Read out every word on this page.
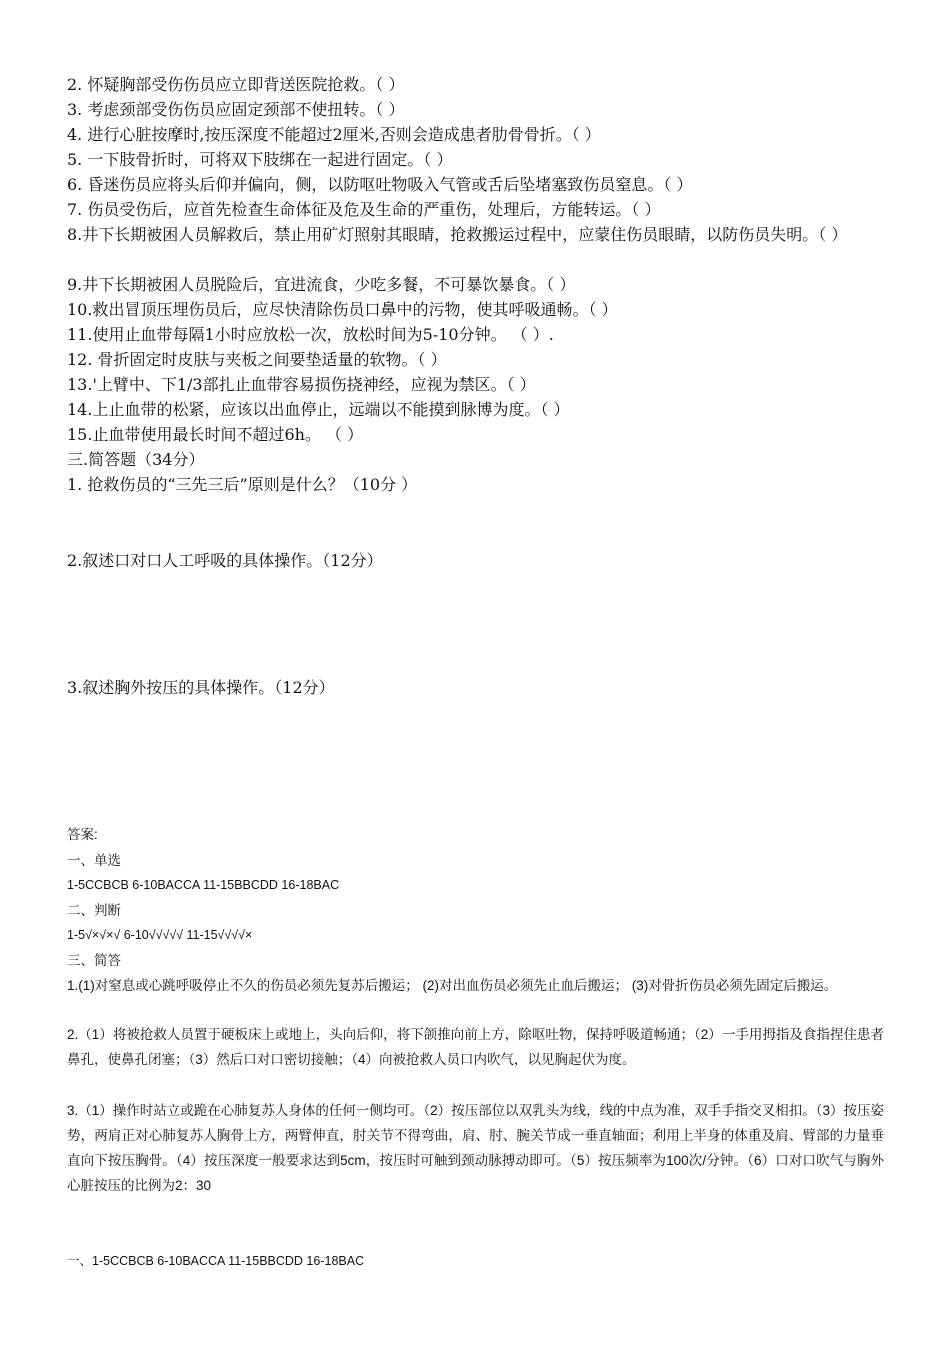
2. 怀疑胸部受伤伤员应立即背送医院抢救。（ ）
3. 考虑颈部受伤伤员应固定颈部不使扭转。（ ）
4. 进行心脏按摩时,按压深度不能超过2厘米,否则会造成患者肋骨骨折。（ ）
5. 一下肢骨折时，可将双下肢绑在一起进行固定。（ ）
6. 昏迷伤员应将头后仰并偏向，侧，以防呕吐物吸入气管或舌后坠堵塞致伤员窒息。（ ）
7. 伤员受伤后，应首先检查生命体征及危及生命的严重伤，处理后，方能转运。（ ）
8.井下长期被困人员解救后，禁止用矿灯照射其眼睛，抢救搬运过程中，应蒙住伤员眼睛，以防伤员失明。（ ）
9.井下长期被困人员脱险后，宜进流食，少吃多餐，不可暴饮暴食。（ ）
10.救出冒顶压埋伤员后，应尽快清除伤员口鼻中的污物，使其呼吸通畅。（ ）
11.使用止血带每隔1小时应放松一次，放松时间为5-10分钟。 （ ）.
12. 骨折固定时皮肤与夹板之间要垫适量的软物。（ ）
13.'上臂中、下1/3部扎止血带容易损伤挠神经，应视为禁区。（ ）
14.上止血带的松紧，应该以出血停止，远端以不能摸到脉博为度。（ ）
15.止血带使用最长时间不超过6h。 （ ）
三.简答题（34分）
1. 抢救伤员的“三先三后”原则是什么？（10分 ）
2.叙述口对口人工呼吸的具体操作。（12分）
3.叙述胸外按压的具体操作。（12分）
答案:
一、单选
1-5CCBCB 6-10BACCA 11-15BBCDD 16-18BAC
二、判断
1-5√×√×√ 6-10√√√√√ 11-15√√√√×
三、简答
1.(1)对窒息或心跳呼吸停止不久的伤员必须先复苏后搬运； (2)对出血伤员必须先止血后搬运； (3)对骨折伤员必须先固定后搬运。
2.（1）将被抢救人员置于硬板床上或地上，头向后仰，将下颌推向前上方，除呕吐物，保持呼吸道畅通；（2）一手用拇指及食指捏住患者鼻孔，使鼻孔闭塞；（3）然后口对口密切接触；（4）向被抢救人员口内吹气，以见胸起伏为度。
3.（1）操作时站立或跪在心肺复苏人身体的任何一侧均可。（2）按压部位以双乳头为线，线的中点为准，双手手指交叉相扣。（3）按压姿势，两肩正对心肺复苏人胸骨上方，两臂伸直，肘关节不得弯曲，肩、肘、腕关节成一垂直轴面；利用上半身的体重及肩、臂部的力量垂直向下按压胸骨。（4）按压深度一般要求达到5cm，按压时可触到颈动脉搏动即可。（5）按压频率为100次/分钟。（6）口对口吹气与胸外心脏按压的比例为2：30
一、1-5CCBCB 6-10BACCA 11-15BBCDD 16-18BAC
